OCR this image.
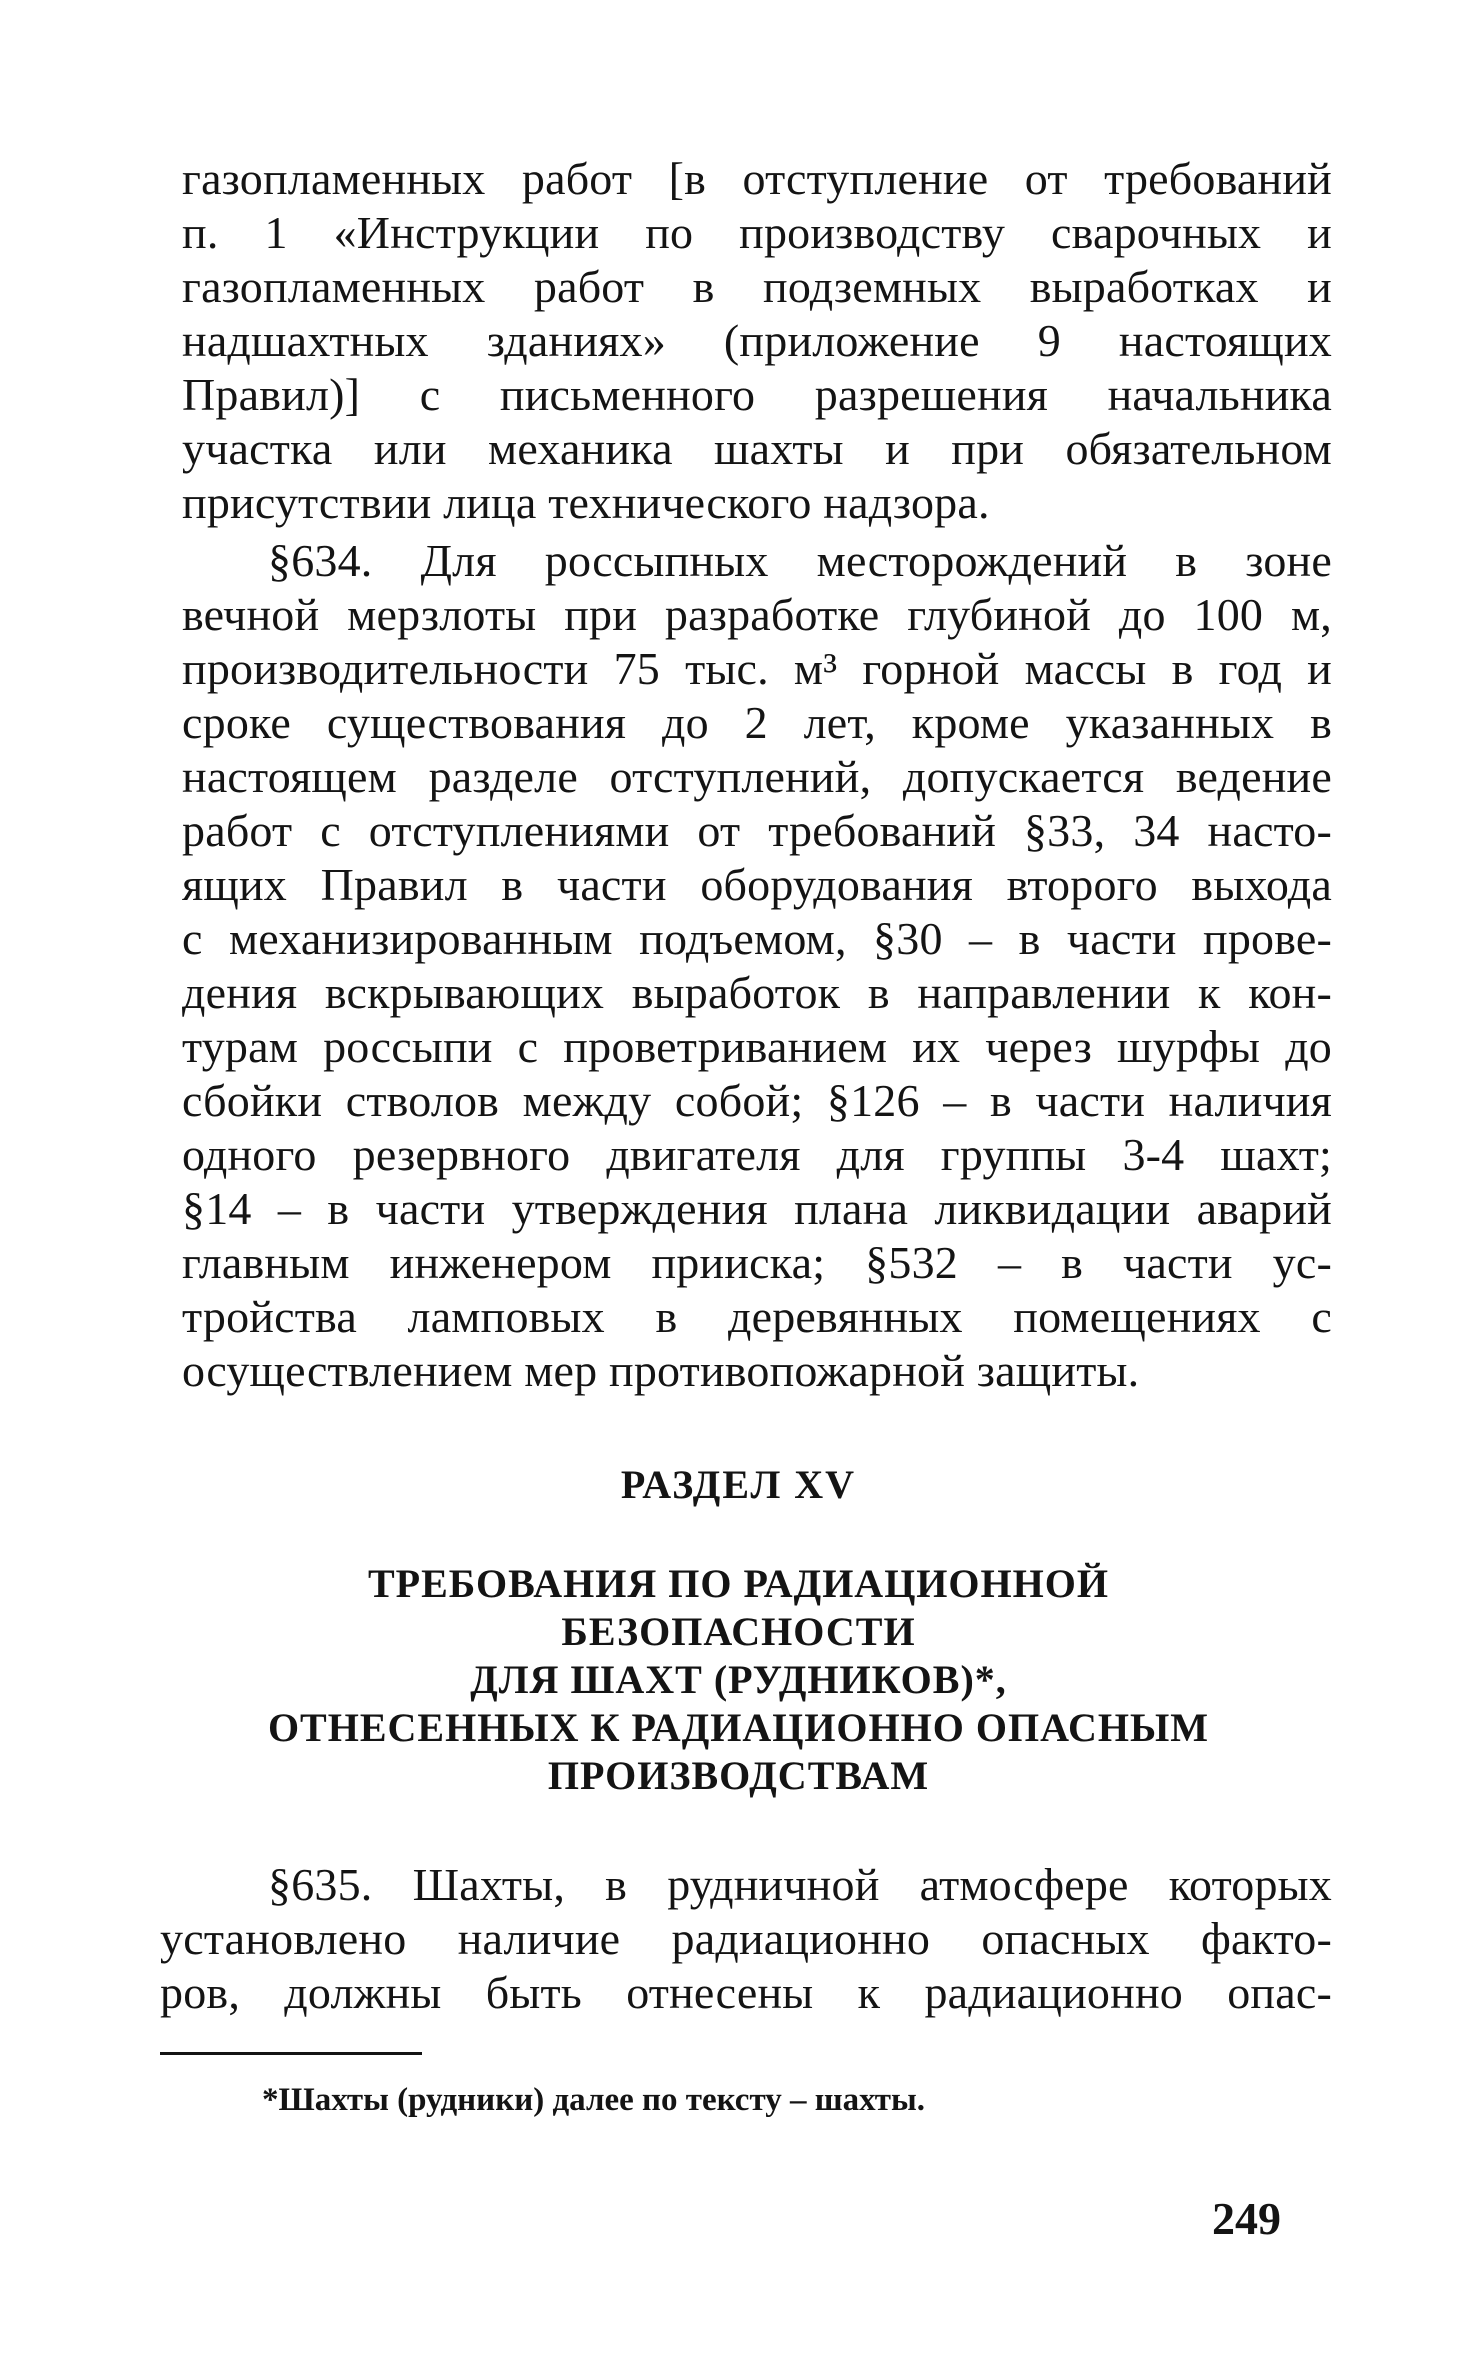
газопламенных работ [в отступление от требований
п. 1 «Инструкции по производству сварочных и
газопламенных работ в подземных выработках и
надшахтных зданиях» (приложение 9 настоящих
Правил)] с письменного разрешения начальника
участка или механика шахты и при обязательном
присутствии лица технического надзора.
§634. Для россыпных месторождений в зоне
вечной мерзлоты при разработке глубиной до 100 м,
производительности 75 тыс. м³ горной массы в год и
сроке существования до 2 лет, кроме указанных в
настоящем разделе отступлений, допускается ведение
работ с отступлениями от требований §33, 34 насто-
ящих Правил в части оборудования второго выхода
с механизированным подъемом, §30 – в части прове-
дения вскрывающих выработок в направлении к кон-
турам россыпи с проветриванием их через шурфы до
сбойки стволов между собой; §126 – в части наличия
одного резервного двигателя для группы 3-4 шахт;
§14 – в части утверждения плана ликвидации аварий
главным инженером прииска; §532 – в части ус-
тройства ламповых в деревянных помещениях с
осуществлением мер противопожарной защиты.
РАЗДЕЛ XV
ТРЕБОВАНИЯ ПО РАДИАЦИОННОЙ
БЕЗОПАСНОСТИ
ДЛЯ ШАХТ (РУДНИКОВ)*,
ОТНЕСЕННЫХ К РАДИАЦИОННО ОПАСНЫМ
ПРОИЗВОДСТВАМ
§635. Шахты, в рудничной атмосфере которых
установлено наличие радиационно опасных факто-
ров, должны быть отнесены к радиационно опас-
*Шахты (рудники) далее по тексту – шахты.
249
